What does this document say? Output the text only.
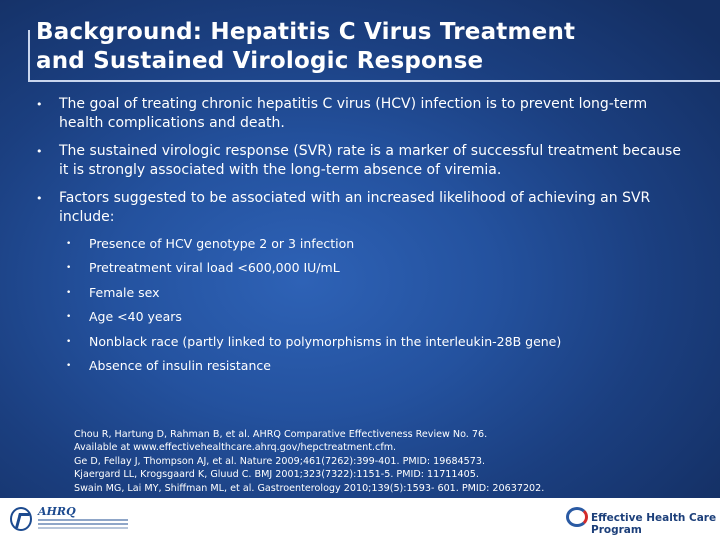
Background: Hepatitis C Virus Treatment
and Sustained Virologic Response
• The goal of treating chronic hepatitis C virus (HCV) infection is to prevent long-term health complications and death.
• The sustained virologic response (SVR) rate is a marker of successful treatment because it is strongly associated with the long-term absence of viremia.
• Factors suggested to be associated with an increased likelihood of achieving an SVR include:
• Presence of HCV genotype 2 or 3 infection
• Pretreatment viral load <600,000 IU/mL
• Female sex
• Age <40 years
• Nonblack race (partly linked to polymorphisms in the interleukin-28B gene)
• Absence of insulin resistance
Chou R, Hartung D, Rahman B, et al. AHRQ Comparative Effectiveness Review No. 76.
Available at www.effectivehealthcare.ahrq.gov/hepctreatment.cfm.
Ge D, Fellay J, Thompson AJ, et al. Nature 2009;461(7262):399-401. PMID: 19684573.
Kjaergard LL, Krogsgaard K, Gluud C. BMJ 2001;323(7322):1151-5. PMID: 11711405.
Swain MG, Lai MY, Shiffman ML, et al. Gastroenterology 2010;139(5):1593- 601. PMID: 20637202.
AHRQ	Effective Health Care Program
